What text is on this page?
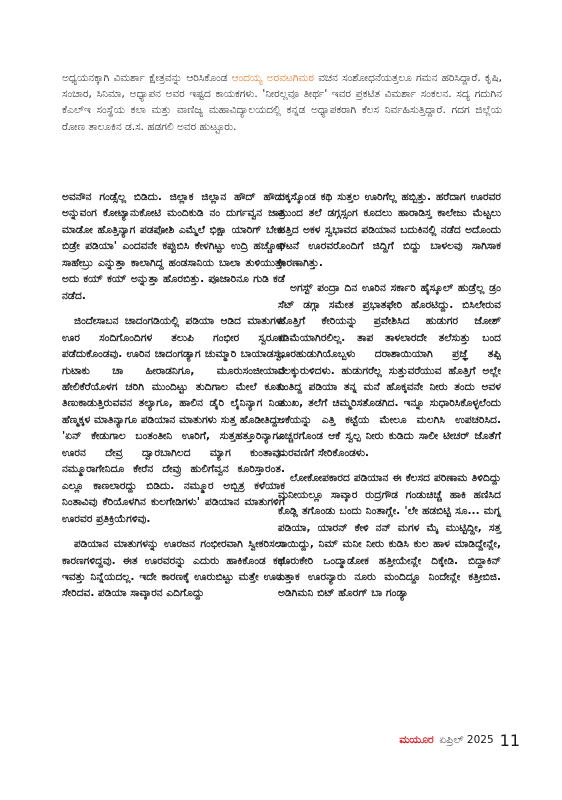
ಅಧ್ಯಯನಕ್ಕಾಗಿ ವಿಮರ್ಶಾ ಕ್ಷೇತ್ರವನ್ನು ಆರಿಸಿಕೊಂಡ ಆಂದಯ್ಯ ಅರವಟಗಿಮಠ ವಚನ ಸಂಶೋಧನೆಯತ್ತಲೂ ಗಮನ ಹರಿಸಿದ್ದಾರೆ. ಕೃಷಿ, ಸಂಚಾರ, ಸಿನಿಮಾ, ಅಧ್ಯಾಪನ ಅವರ ಇಷ್ಟದ ಕಾಯಕಗಳು. 'ನೀರಲ್ಲವೂ ತೀರ್ಥ' ಇವರ ಪ್ರಕಟಿತ ವಿಮರ್ಶಾ ಸಂಕಲನ. ಸದ್ಯ ಗದುಗಿನ ಕೆಎಲ್‌ಇ ಸಂಸ್ಥೆಯ ಕಲಾ ಮತ್ತು ವಾಣಿಜ್ಯ ಮಹಾವಿದ್ಯಾಲಯದಲ್ಲಿ ಕನ್ನಡ ಅಧ್ಯಾಪಕರಾಗಿ ಕೆಲಸ ನಿರ್ವಹಿಸುತ್ತಿದ್ದಾರೆ. ಗದಗ ಜಿಲ್ಲೆಯ ರೋಣ ತಾಲೂಕಿನ ಡ.ಸ. ಹಡಗಲಿ ಅವರ ಹುಟ್ಟೂರು.

ಅವನೌನ ಗಂಡ್ಸೆಲ್ಲ ಬಿಡಿದು. ಜಿಲ್ಲಾಕ ಜಿಲ್ಲಾನ ಹೌದ್ ಹೌದು ಅನ್ನುವಂಗ ಕೋಟ್ಯಾನುಕೋಟಿ ಮಂದಿಕುಡಿ ನಂ ದುರ್ಗವ್ವನ ಜಾತ್ರಿ ಮಾಡೋ ಹೊತ್ತಿನ್ಯಾಗ ಪಡಪೋಶಿ ಎಮ್ಮೆಲೆ ಭಿಕ್ಷಾ ಯಾರಿಗ್ ಬೇಕು ಬಿಡ್ರೇ ಪಡಿಯಾ' ಎಂದವನೇ ಕಪ್ಪುಬಿಸಿ ಕೇಳಗಿಟ್ಟು ಉದ್ರಿ ಹಚ್ಚೋರಿ ಸಾಹೇಬ್ರು ಎನ್ನುತ್ತಾ ಕಾಲಾಗಿದ್ದ ಹಂಡಸಾನಿಯ ಬಾಲಾ ತುಳಿಯುತ್ತೇ ಅದು ಕಯ್ ಕಯ್ ಅನ್ನುತ್ತಾ ಹೊರಬಿತ್ತು. ಪೂಜಾರಿನೂ ಗುಡಿ ಕಡೆ ನಡೆದ.

ಜಿಂದೇಸಾಬನ ಚಾದಂಗಡಿಯಲ್ಲಿ ಪಡಿಯಾ ಆಡಿದ ಮಾತುಗಳು ಊರ ಸಂದಿಗೊಂದಿಗಳ ತಲುಪಿ ಗಂಭೀರ ಸ್ವರೂಪ ಪಡೆದುಕೊಂಡವು. ಊರಿನ ಚಾದಂಗಡ್ಯಾಗ ಚುಮ್ಮಾರಿ ಬಾಯಾಡಸ್ವ, ಗುಟಾಕು ಚಾ ಹೀರಾಡನಿಗೂ, ಮೂರುಸಂಜೀಯಾದ ಹೇಲಿಕೆರೆಯೊಳಗ ಚರಿಗಿ ಮುಂದಿಟ್ಟು ತುದಿಗಾಲ ಮೇಲೆ ಕೂತು ತಿಣುಕಾಡುತ್ತಿರುವವನ ತಲ್ಯಾಗೂ, ಹಾಲಿನ ಡೈರಿ ಲೈನಿನ್ಯಾಗ ನಿಂತ ಹೆಣ್ಮಕ್ಕಳ ಮಾತಿನ್ಯಾಗೂ ಪಡಿಯಾನ ಮಾತುಗಳು ಸುತ್ತ ಹೊಡೀತಿದ್ದು. 'ಏನ್ ಕೇಡುಗಾಲ ಬಂತಂತೀನಿ ಊರಿಗೆ, ಸುತ್ತಹತ್ತೂರಿನ್ಯಾಗೂ ಊರನ ದೇವ್ರ ದ್ವಾರಬಾಗಿಲದ ಮ್ಯಾಗ ಕುಂತಾವು. ನಮ್ಮೂರಾಗೇನಿದೂ ಕೇರೆನ ದೇವ್ರು ಹುಲಿಗೆವ್ವನ ಕೂರಿಸ್ತಾರಂತ. ಎಲ್ಲೂ ಕಾಣಲಾರದ್ದು ಬಿಡಿದು. ನಮ್ಮೂರ ಅಬ್ಬಿತ್ರ ಕಳೆಯಾಕ ನಿಂತಾವಿವು ಕೆರಿಯೊಳಗಿನ ಕುಲಗೇಡಿಗಳು' ಪಡಿಯಾನ ಮಾತುಗಳಿಗೆ ಊರವರ ಪ್ರತಿಕ್ರಿಯೆಗಳಿವು.

ಪಡಿಯಾನ ಮಾತುಗಳನ್ನು ಊರಜನ ಗಂಭೀರವಾಗಿ ಸ್ವೀಕರಿಸಲು ಕಾರಣಗಳಿದ್ದವು. ಈತ ಊರವರನ್ನು ಎದುರು ಹಾಕಿಕೊಂಡ ಕಥೆ ಇವತ್ತು ನಿನ್ನೆಯದಲ್ಲ. ಇದೇ ಕಾರಣಕ್ಕೆ ಊರುಬಿಟ್ಟು ಮತ್ತೇ ಊರು ಸೇರಿದವ. ಪಡಿಯಾ ಸಾವ್ಕಾರನ ಎದಿಗೊದ್ದು

ದಕ್ಕಸ್ಕೊಂಡ ಕಥಿ ಸುತ್ತಲ ಊರಿಗೆಲ್ಲ ಹಬ್ಬಿತ್ತು. ಹರೆದಾಗ ಊರವರ ಮುಂದ ತಲೆ ಡಗ್ಗಸ್ಸಂಗ ಕೂದಲು ಹಾರಾಡಿಸ್ತ ಕಾಲೇಜು ಮೆಟ್ಟಲು ಹತ್ತಿದ ಅಕಳ ಸ್ವಭಾವದ ಪಡಿಯಾನ ಬದುಕಿನಲ್ಲಿ ನಡೆದ ಅದೊಂದು ಘಟನೆ ಊರವರೊಂದಿಗೆ ಜಿದ್ದಿಗೆ ಬಿದ್ದು ಬಾಳಲವು ಸಾಗಿಸಾಕ ಕಾರಣಾಗಿತ್ತು.

ಅಗಸ್ಟ್ ಪಂದ್ರಾ ದಿನ ಊರಿನ ಸರ್ಕಾರಿ ಹೈಸ್ಕೂಲ್ ಹುಡ್ರೆಲ್ಲ ಡ್ರಂ ಸೆಟ್ ಡಗ್ಗಾ ಸಮೇತ ಪ್ರಭಾತಫೇರಿ ಹೊರಟಿದ್ದು. ಬಿಸಿಲೇರುವ ಹೊತ್ತಿಗೆ ಕೇರಿಯನ್ನು ಪ್ರವೇಶಿಸಿದ ಹುಡುಗರ ಜೋಶ್ ಕಡಿಮೆಯಾಗಿರಲಿಲ್ಲ. ತಾಪ ತಾಳಲಾರದೇ ತಲೆಸುತ್ತು ಬಂದ ಊರಹುಡುಗಿಯೊಬ್ಬಳು ದರಾಶಾಯಿಯಾಗಿ ಪ್ರಜ್ಞೆ ತಪ್ಪಿ ನೆಲಕ್ಕುರುಳಿದಳು. ಹುಡುಗರೆಲ್ಲ ಸುತ್ತುವರೆಯುವ ಹೊತ್ತಿಗೆ ಅಲ್ಲೇ ನಿಂತಿದ್ದ ಪಡಿಯಾ ತನ್ನ ಮನೆ ಹೊಕ್ಕವನೇ ನೀರು ತಂದು ಅವಳ ಮುಖ, ತಲೆಗೆ ಚಿಮ್ಮರಿಸತೊಡಗಿದ. ಇನ್ನೂ ಸುಧಾರಿಸಿಕೊಳ್ಳಲೆಂದು ಅಕೆಯನ್ನು ಎತ್ತಿ ಕಟ್ಟೆಯ ಮೇಲೂ ಮಲಗಿಸಿ ಉಪಚರಿಸಿದ. ಎಚ್ಚರಗೊಂಡ ಆಕೆ ಸ್ವಲ್ಪ ನೀರು ಕುಡಿದು ಸಾಲೀ ಟೀಚರ್ ಜೊತೆಗೆ ಮರವಣಿಗೆ ಸೇರಿಕೊಂಡಳು.

ಲೋಕೋಪಕಾರದ ಪಡಿಯಾನ ಈ ಕೆಲಸದ ಪರಿಣಾಮ ತಿಳಿದಿದ್ದು ಮನೀಯಲ್ಲೂ ಸಾವ್ಕಾರ ರುದ್ರಗೌಡ ಗಂಡುಚಿಚ್ಚೆ ಹಾಕಿ ಹಣಿಸಿದ ಕೊಡ್ಲಿ ತಗೊಂಡು ಬಂದು ನಿಂತಾಗ್ಲೇ. 'ಲೇ ಹಡಬಿಟ್ಟಿ ಸೂ... ಮಗ್ನ ಪಡಿಯಾ, ಯಾರನ್ ಕೇಳಿ ನನ್ ಮಗಳ ಮೈ ಮುಟ್ಟಿದ್ದೀ, ಸತ್ತ ಸಾಯಿದ್ದು, ನಿಮ್ ಮನೀ ನೀರು ಕುಡಿಸಿ ಕುಲ ಹಾಳ ಮಾಡಿದ್ದೇನ್ಲೇ, ಊರುಕೇರಿ ಒಂದ್ಮಾಡೋಕ ಹತ್ತೀಯೇನ್ಲೇ ದಿಕ್ಕೇಡಿ. ಬಿದ್ದಾಕಿನ್ ಎತ್ತಾಕ ಊರನ್ಯಾರು ನೂರು ಮಂದಿದ್ದೂ ನಿಂದೇನ್ಲೇ ಕತ್ತೀಬಿಜಿ. ಅಡಿಗಿಮನಿ ಬಿಟ್ ಹೊರಗ್ ಬಾ ಗಂಡ್ಯಾ

ಮಯೂರ ಏಪ್ರಿಲ್ 2025 11
